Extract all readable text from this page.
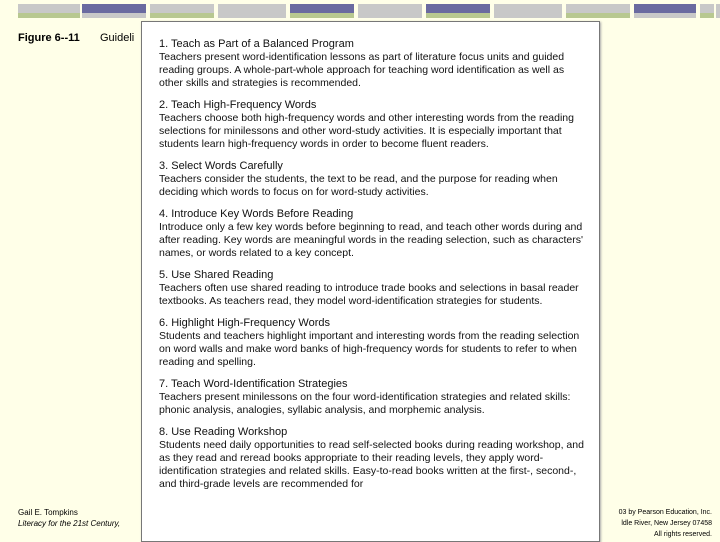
Figure 6--11 Guideli
Gail E. Tompkins
Literacy for the 21st Century,
03 by Pearson Education, Inc.
ldle River, New Jersey 07458
All rights reserved.
1. Teach as Part of a Balanced Program
Teachers present word-identification lessons as part of literature focus units and guided reading groups. A whole-part-whole approach for teaching word identification as well as other skills and strategies is recommended.
2. Teach High-Frequency Words
Teachers choose both high-frequency words and other interesting words from the reading selections for minilessons and other word-study activities. It is especially important that students learn high-frequency words in order to become fluent readers.
3. Select Words Carefully
Teachers consider the students, the text to be read, and the purpose for reading when deciding which words to focus on for word-study activities.
4. Introduce Key Words Before Reading
Introduce only a few key words before beginning to read, and teach other words during and after reading. Key words are meaningful words in the reading selection, such as characters' names, or words related to a key concept.
5. Use Shared Reading
Teachers often use shared reading to introduce trade books and selections in basal reader textbooks. As teachers read, they model word-identification strategies for students.
6. Highlight High-Frequency Words
Students and teachers highlight important and interesting words from the reading selection on word walls and make word banks of high-frequency words for students to refer to when reading and spelling.
7. Teach Word-Identification Strategies
Teachers present minilessons on the four word-identification strategies and related skills: phonic analysis, analogies, syllabic analysis, and morphemic analysis.
8. Use Reading Workshop
Students need daily opportunities to read self-selected books during reading workshop, and as they read and reread books appropriate to their reading levels, they apply word-identification strategies and related skills. Easy-to-read books written at the first-, second-, and third-grade levels are recommended for
